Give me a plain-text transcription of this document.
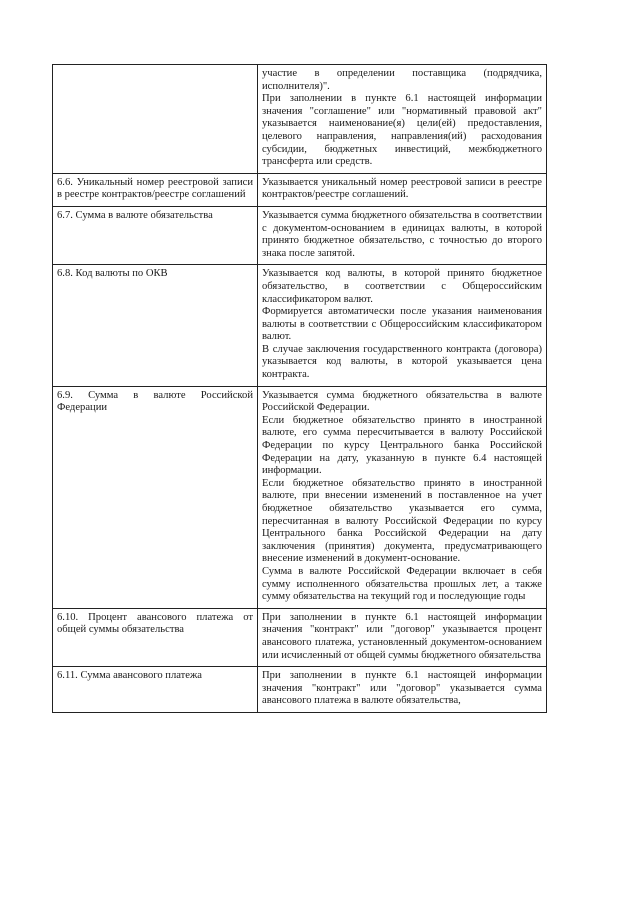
	участие в определении поставщика (подрядчика, исполнителя)".
При заполнении в пункте 6.1 настоящей информации значения "соглашение" или "нормативный правовой акт" указывается наименование(я) цели(ей) предоставления, целевого направления, направления(ий) расходования субсидии, бюджетных инвестиций, межбюджетного трансферта или средств.

6.6. Уникальный номер реестровой записи в реестре контрактов/реестре соглашений	Указывается уникальный номер реестровой записи в реестре контрактов/реестре соглашений.

6.7. Сумма в валюте обязательства	Указывается сумма бюджетного обязательства в соответствии с документом-основанием в единицах валюты, в которой принято бюджетное обязательство, с точностью до второго знака после запятой.

6.8. Код валюты по ОКВ	Указывается код валюты, в которой принято бюджетное обязательство, в соответствии с Общероссийским классификатором валют.
Формируется автоматически после указания наименования валюты в соответствии с Общероссийским классификатором валют.
В случае заключения государственного контракта (договора) указывается код валюты, в которой указывается цена контракта.

6.9. Сумма в валюте Российской Федерации	Указывается сумма бюджетного обязательства в валюте Российской Федерации.
Если бюджетное обязательство принято в иностранной валюте, его сумма пересчитывается в валюту Российской Федерации по курсу Центрального банка Российской Федерации на дату, указанную в пункте 6.4 настоящей информации.
Если бюджетное обязательство принято в иностранной валюте, при внесении изменений в поставленное на учет бюджетное обязательство указывается его сумма, пересчитанная в валюту Российской Федерации по курсу Центрального банка Российской Федерации на дату заключения (принятия) документа, предусматривающего внесение изменений в документ-основание.
Сумма в валюте Российской Федерации включает в себя сумму исполненного обязательства прошлых лет, а также сумму обязательства на текущий год и последующие годы

6.10. Процент авансового платежа от общей суммы обязательства	При заполнении в пункте 6.1 настоящей информации значения "контракт" или "договор" указывается процент авансового платежа, установленный документом-основанием или исчисленный от общей суммы бюджетного обязательства

6.11. Сумма авансового платежа	При заполнении в пункте 6.1 настоящей информации значения "контракт" или "договор" указывается сумма авансового платежа в валюте обязательства,
